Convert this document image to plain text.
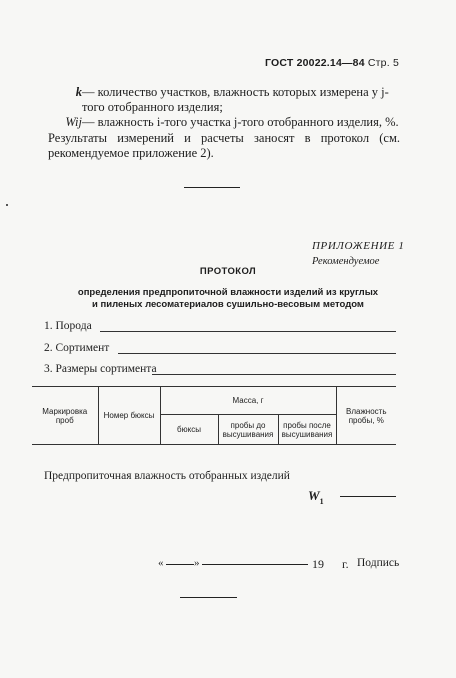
ГОСТ 20022.14—84 Стр. 5
k — количество участков, влажность которых измерена у j-того отобранного изделия;
Wij — влажность i-того участка j-того отобранного изделия, %.
Результаты измерений и расчеты заносят в протокол (см. рекомендуемое приложение 2).
ПРИЛОЖЕНИЕ 1
Рекомендуемое
ПРОТОКОЛ
определения предпропиточной влажности изделий из круглых
и пиленых лесоматериалов сушильно-весовым методом
1. Порода
2. Сортимент
3. Размеры сортимента
Маркировка проб	Номер бюксы	Масса, г			Влажность пробы, %
		бюксы	пробы до высушивания	пробы после высушивания	
Предпропиточная влажность отобранных изделий
$W_1$
«	»	19 г. Подпись
